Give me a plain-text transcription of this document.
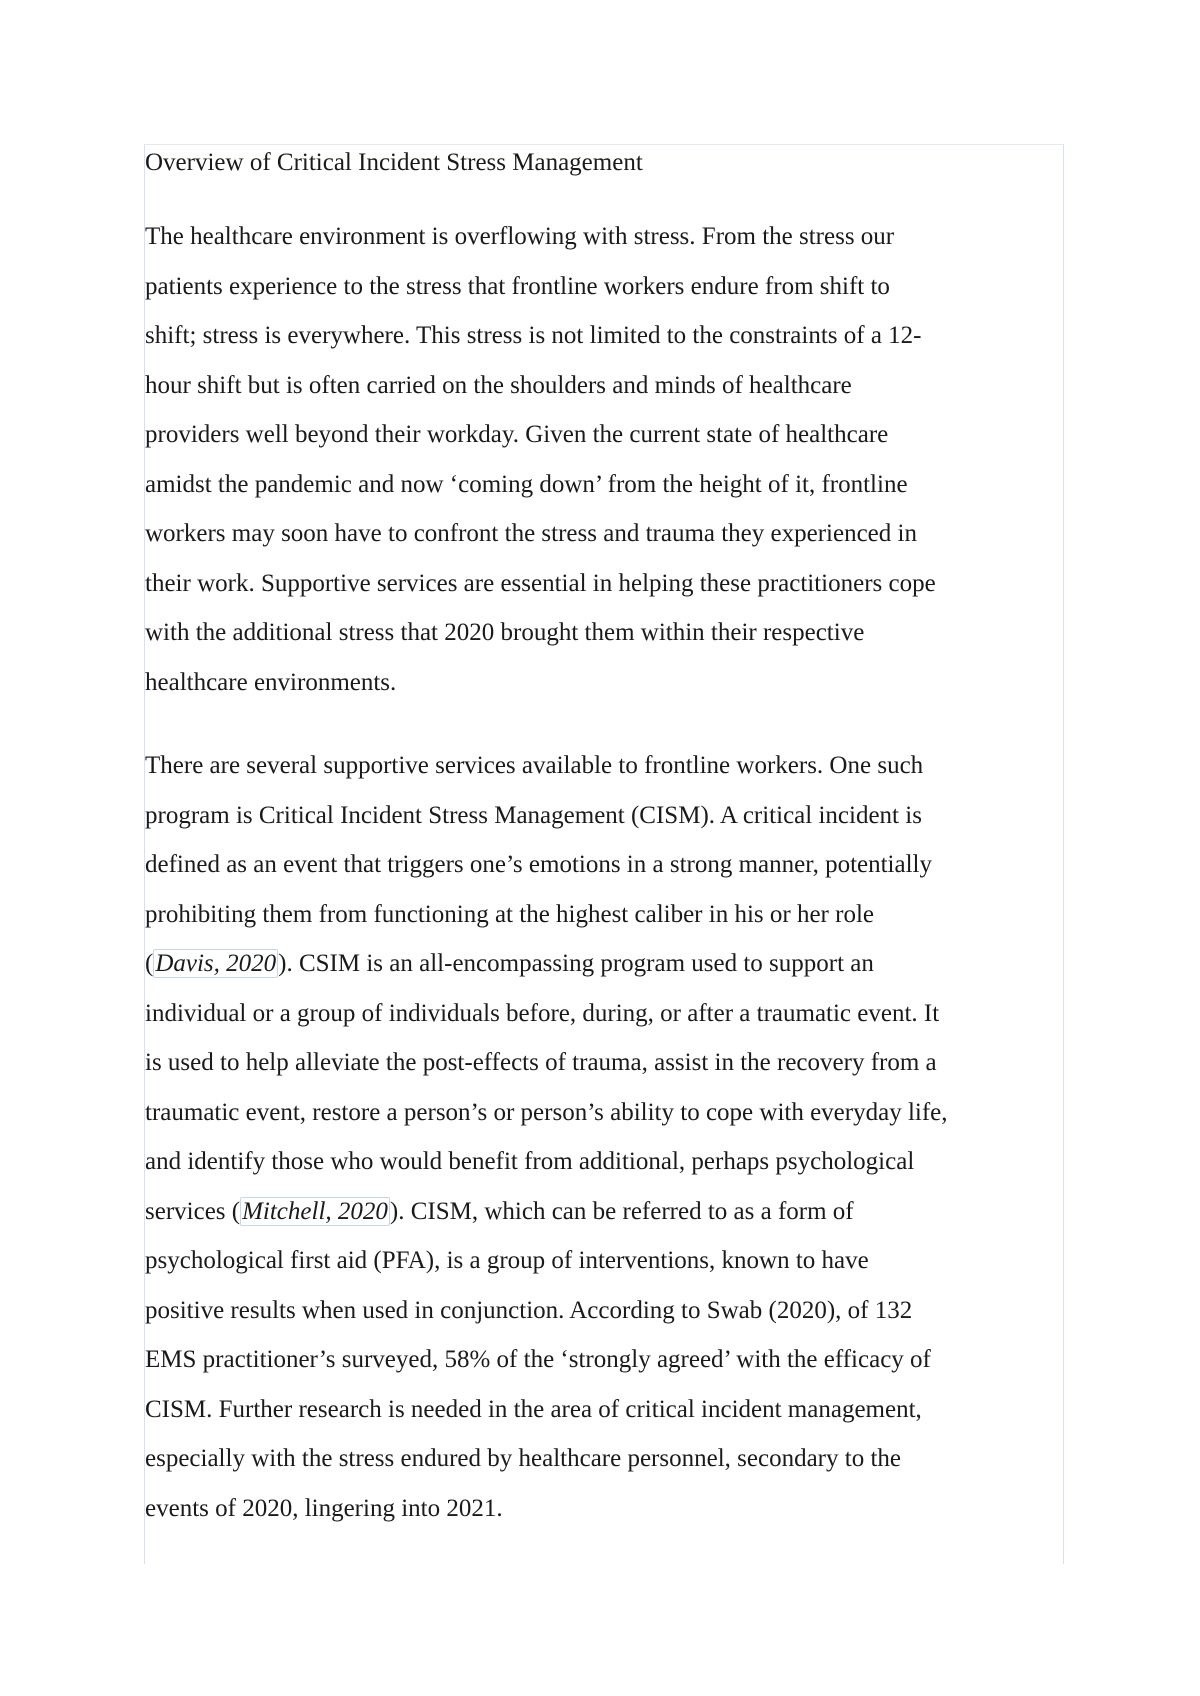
Overview of Critical Incident Stress Management
The healthcare environment is overflowing with stress. From the stress our
patients experience to the stress that frontline workers endure from shift to
shift; stress is everywhere. This stress is not limited to the constraints of a 12-
hour shift but is often carried on the shoulders and minds of healthcare
providers well beyond their workday. Given the current state of healthcare
amidst the pandemic and now ‘coming down’ from the height of it, frontline
workers may soon have to confront the stress and trauma they experienced in
their work. Supportive services are essential in helping these practitioners cope
with the additional stress that 2020 brought them within their respective
healthcare environments.
There are several supportive services available to frontline workers. One such
program is Critical Incident Stress Management (CISM). A critical incident is
defined as an event that triggers one’s emotions in a strong manner, potentially
prohibiting them from functioning at the highest caliber in his or her role
(Davis, 2020). CSIM is an all-encompassing program used to support an
individual or a group of individuals before, during, or after a traumatic event. It
is used to help alleviate the post-effects of trauma, assist in the recovery from a
traumatic event, restore a person’s or person’s ability to cope with everyday life,
and identify those who would benefit from additional, perhaps psychological
services (Mitchell, 2020). CISM, which can be referred to as a form of
psychological first aid (PFA), is a group of interventions, known to have
positive results when used in conjunction. According to Swab (2020), of 132
EMS practitioner’s surveyed, 58% of the ‘strongly agreed’ with the efficacy of
CISM. Further research is needed in the area of critical incident management,
especially with the stress endured by healthcare personnel, secondary to the
events of 2020, lingering into 2021.
